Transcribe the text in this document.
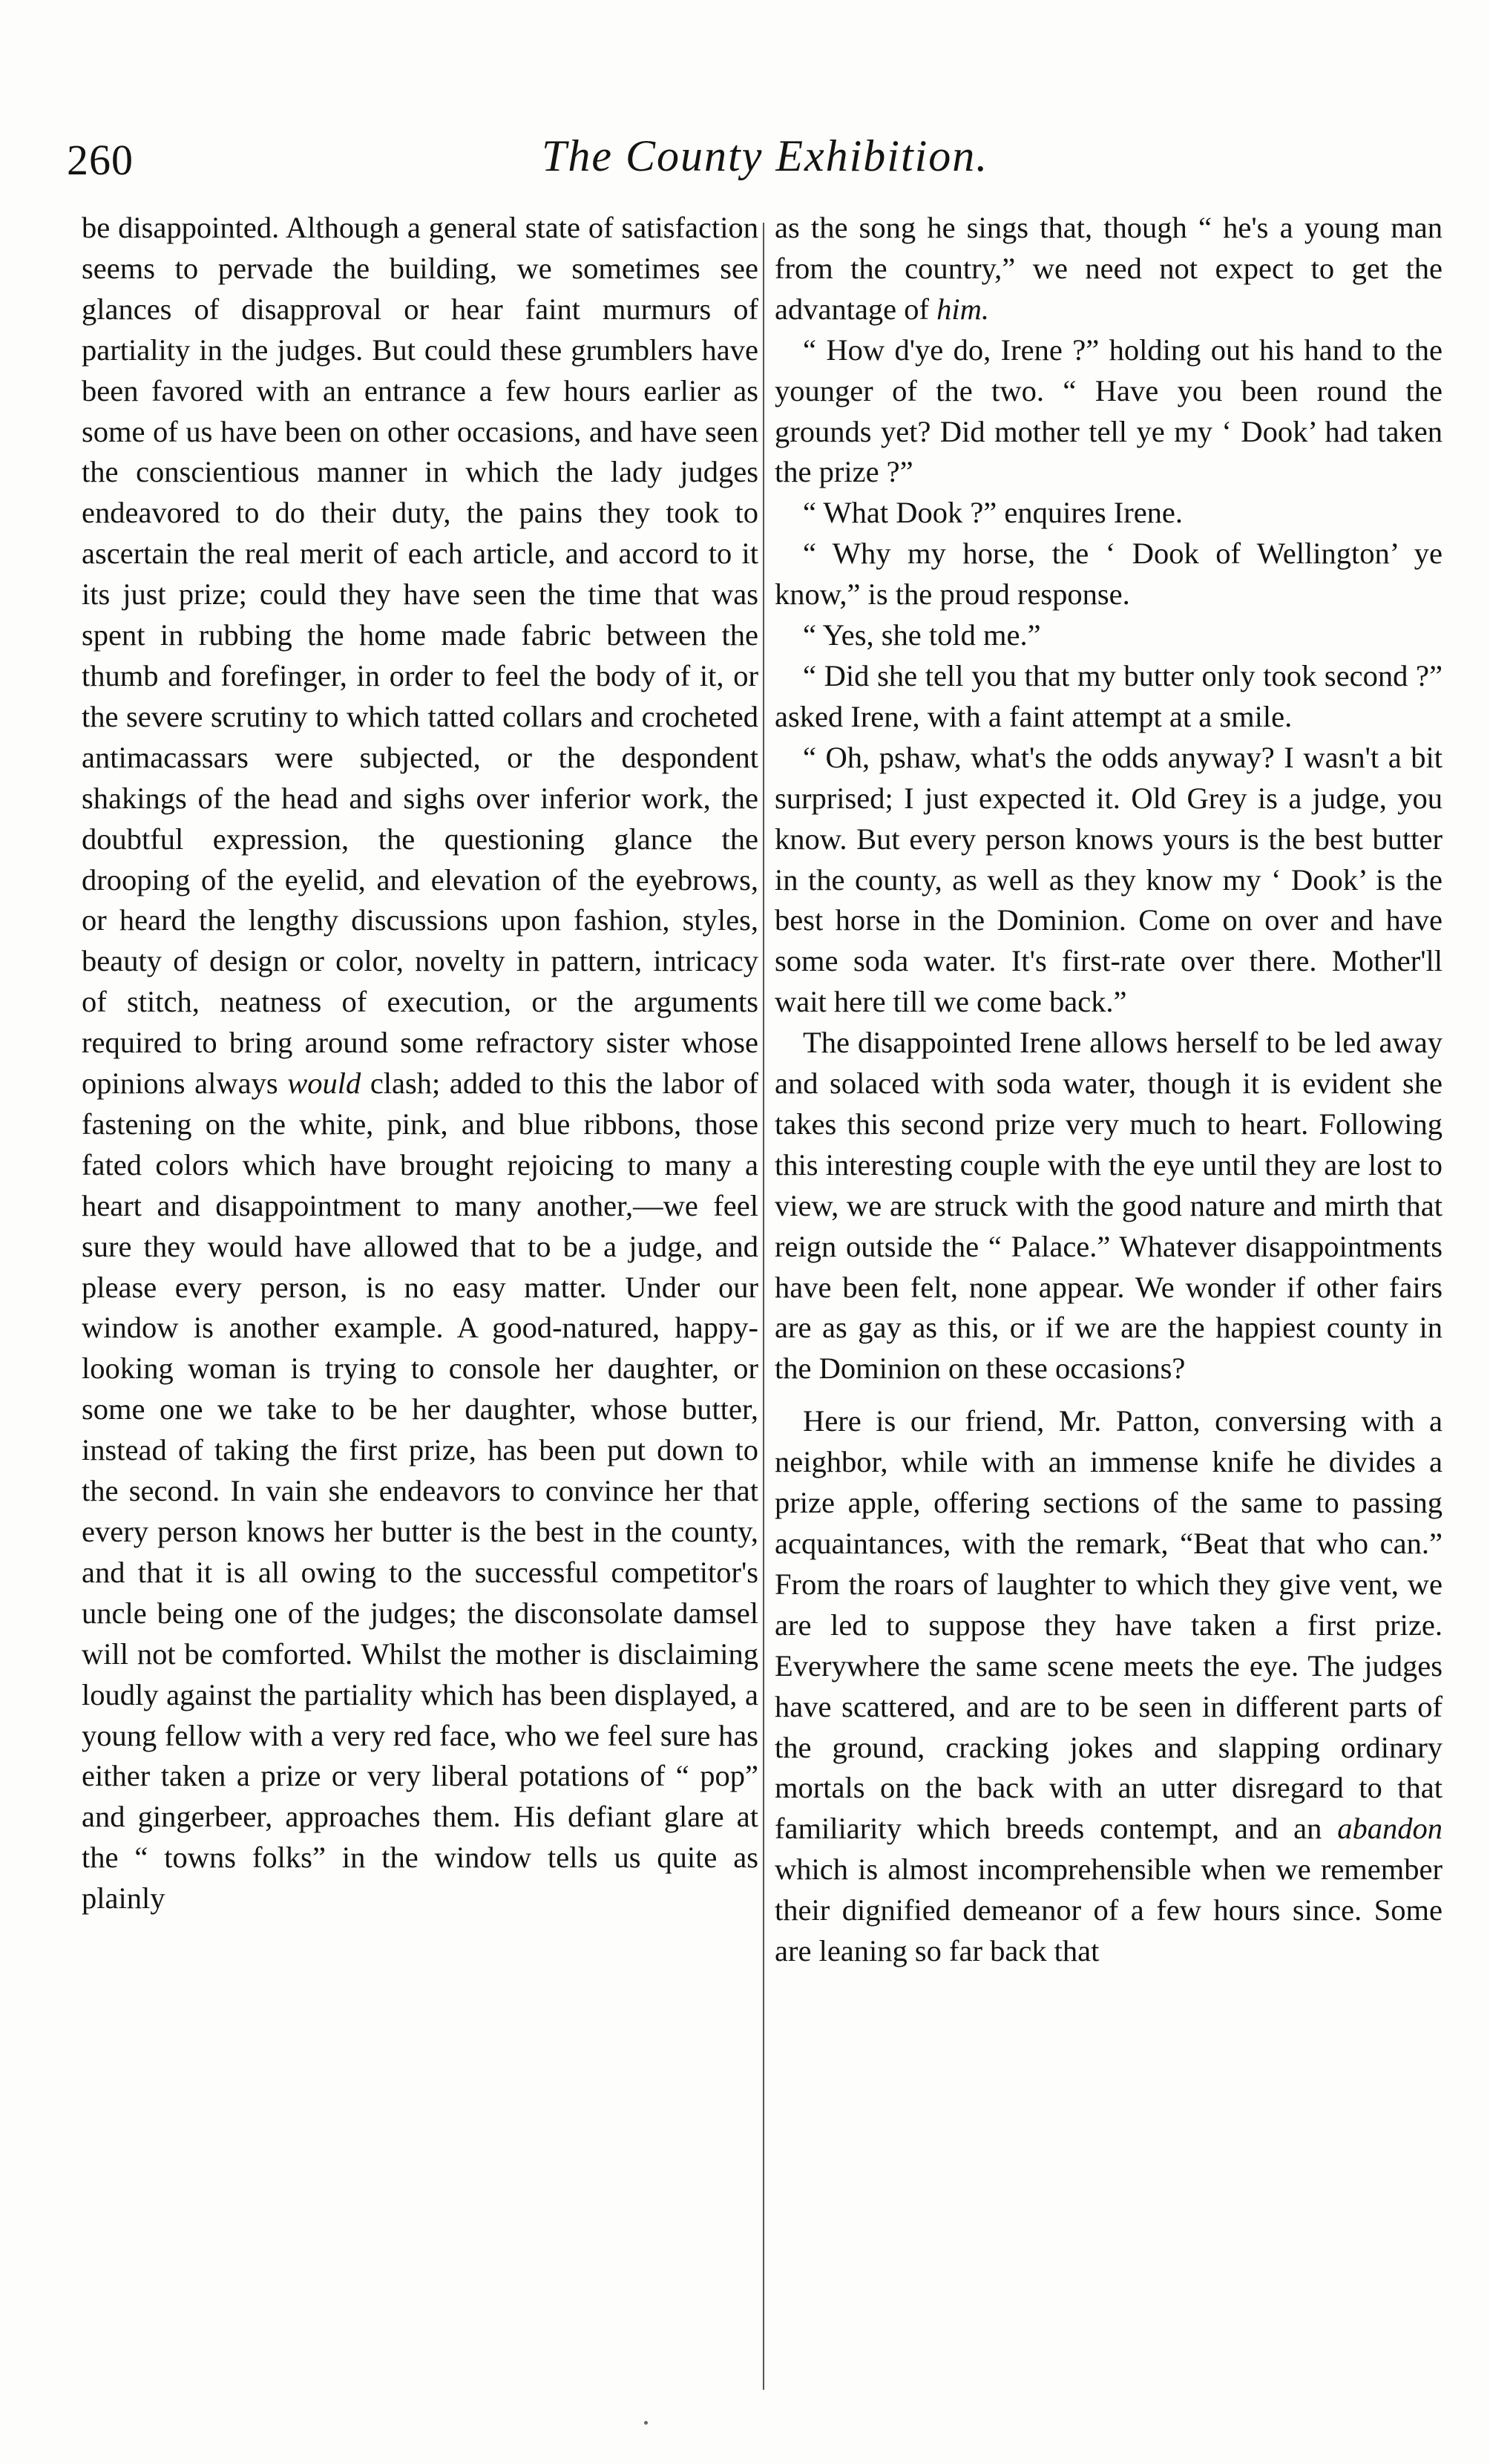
260	The County Exhibition.

be disappointed. Although a general state of satisfaction seems to pervade the building, we sometimes see glances of disapproval or hear faint murmurs of partiality in the judges. But could these grumblers have been favored with an entrance a few hours earlier as some of us have been on other occasions, and have seen the conscientious manner in which the lady judges endeavored to do their duty, the pains they took to ascertain the real merit of each article, and accord to it its just prize; could they have seen the time that was spent in rubbing the home made fabric between the thumb and forefinger, in order to feel the body of it, or the severe scrutiny to which tatted collars and crocheted antimacassars were subjected, or the despondent shakings of the head and sighs over inferior work, the doubtful expression, the questioning glance the drooping of the eyelid, and elevation of the eyebrows, or heard the lengthy discussions upon fashion, styles, beauty of design or color, novelty in pattern, intricacy of stitch, neatness of execution, or the arguments required to bring around some refractory sister whose opinions always would clash; added to this the labor of fastening on the white, pink, and blue ribbons, those fated colors which have brought rejoicing to many a heart and disappointment to many another,—we feel sure they would have allowed that to be a judge, and please every person, is no easy matter. Under our window is another example. A good-natured, happy-looking woman is trying to console her daughter, or some one we take to be her daughter, whose butter, instead of taking the first prize, has been put down to the second. In vain she endeavors to convince her that every person knows her butter is the best in the county, and that it is all owing to the successful competitor's uncle being one of the judges; the disconsolate damsel will not be comforted. Whilst the mother is disclaiming loudly against the partiality which has been displayed, a young fellow with a very red face, who we feel sure has either taken a prize or very liberal potations of “ pop” and gingerbeer, approaches them. His defiant glare at the “ towns folks” in the window tells us quite as plainly

as the song he sings that, though “ he's a young man from the country,” we need not expect to get the advantage of him.

“ How d'ye do, Irene ?” holding out his hand to the younger of the two. “ Have you been round the grounds yet? Did mother tell ye my ‘ Dook’ had taken the prize ?”

“ What Dook ?” enquires Irene.

“ Why my horse, the ‘ Dook of Wellington’ ye know,” is the proud response.

“ Yes, she told me.”

“ Did she tell you that my butter only took second ?” asked Irene, with a faint attempt at a smile.

“ Oh, pshaw, what's the odds anyway? I wasn't a bit surprised; I just expected it. Old Grey is a judge, you know. But every person knows yours is the best butter in the county, as well as they know my ‘ Dook’ is the best horse in the Dominion. Come on over and have some soda water. It's first-rate over there. Mother'll wait here till we come back.”

The disappointed Irene allows herself to be led away and solaced with soda water, though it is evident she takes this second prize very much to heart. Following this interesting couple with the eye until they are lost to view, we are struck with the good nature and mirth that reign outside the “ Palace.” Whatever disappointments have been felt, none appear. We wonder if other fairs are as gay as this, or if we are the happiest county in the Dominion on these occasions?

Here is our friend, Mr. Patton, conversing with a neighbor, while with an immense knife he divides a prize apple, offering sections of the same to passing acquaintances, with the remark, “Beat that who can.” From the roars of laughter to which they give vent, we are led to suppose they have taken a first prize. Everywhere the same scene meets the eye. The judges have scattered, and are to be seen in different parts of the ground, cracking jokes and slapping ordinary mortals on the back with an utter disregard to that familiarity which breeds contempt, and an abandon which is almost incomprehensible when we remember their dignified demeanor of a few hours since. Some are leaning so far back that
